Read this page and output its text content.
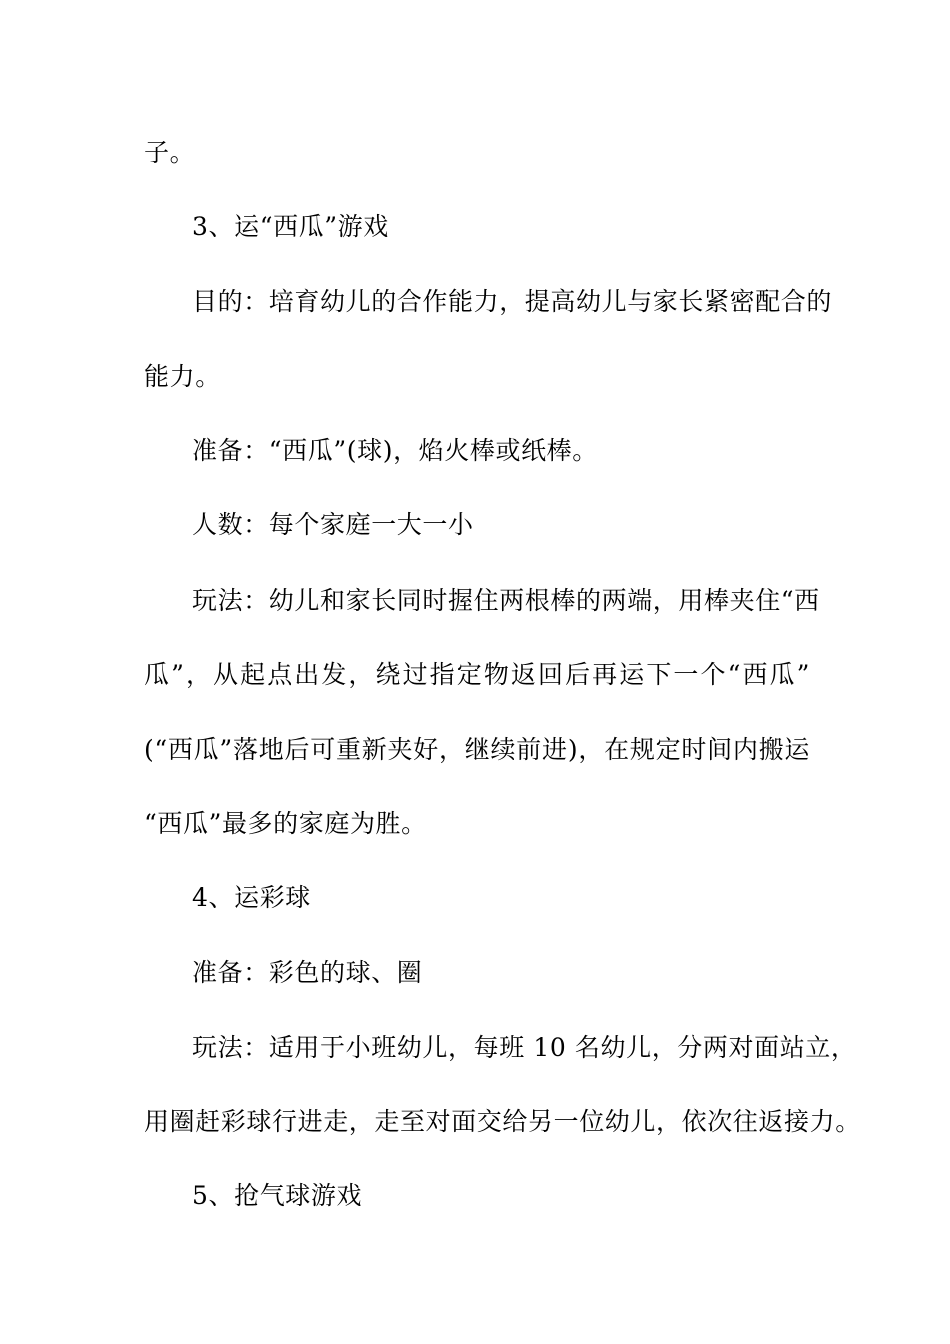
子。
3、运“西瓜”游戏
目的：培育幼儿的合作能力，提高幼儿与家长紧密配合的
能力。
准备：“西瓜”(球)，焰火棒或纸棒。
人数：每个家庭一大一小
玩法：幼儿和家长同时握住两根棒的两端，用棒夹住“西
瓜”，从起点出发，绕过指定物返回后再运下一个“西瓜”
(“西瓜”落地后可重新夹好，继续前进)，在规定时间内搬运
“西瓜”最多的家庭为胜。
4、运彩球
准备：彩色的球、圈
玩法：适用于小班幼儿，每班 10 名幼儿，分两对面站立，
用圈赶彩球行进走，走至对面交给另一位幼儿，依次往返接力。
5、抢气球游戏
